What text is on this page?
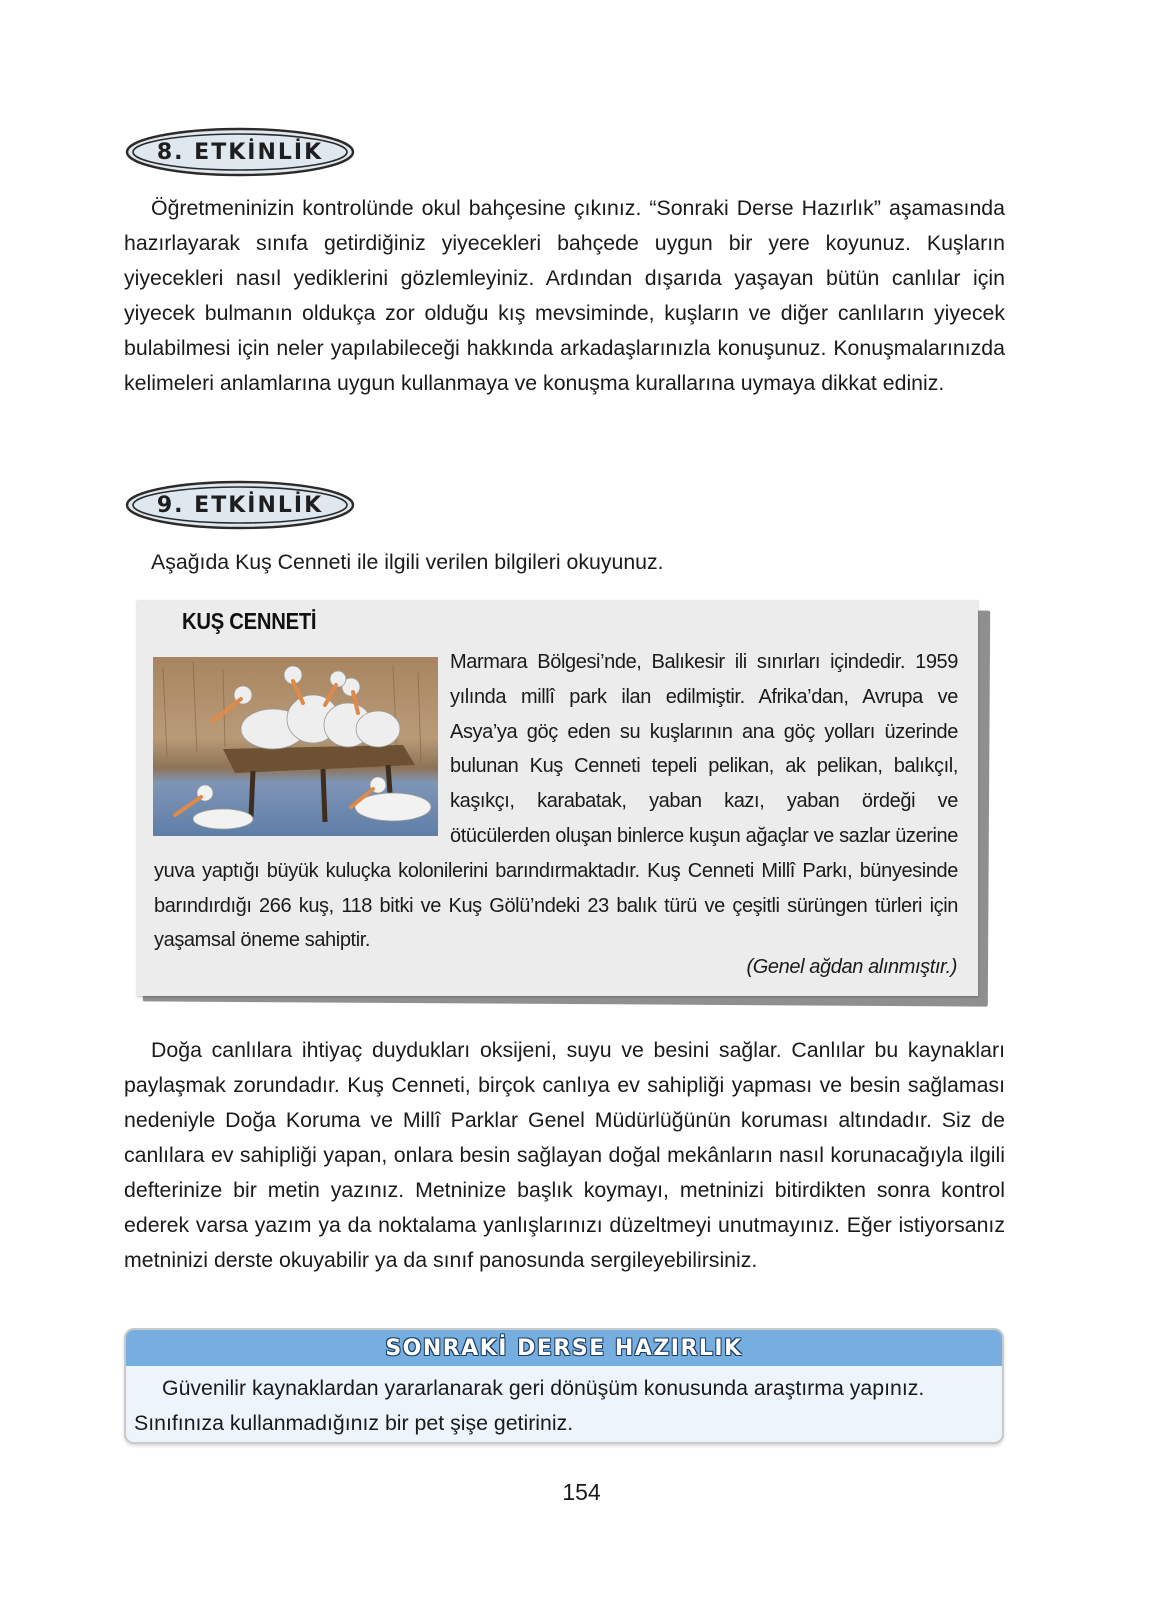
8. ETKİNLİK

Öğretmeninizin kontrolünde okul bahçesine çıkınız. “Sonraki Derse Hazırlık” aşamasında hazırlayarak sınıfa getirdiğiniz yiyecekleri bahçede uygun bir yere koyunuz. Kuşların yiyecekleri nasıl yediklerini gözlemleyiniz. Ardından dışarıda yaşayan bütün canlılar için yiyecek bulmanın oldukça zor olduğu kış mevsiminde, kuşların ve diğer canlıların yiyecek bulabilmesi için neler yapılabileceği hakkında arkadaşlarınızla konuşunuz. Konuşmalarınızda kelimeleri anlamlarına uygun kullanmaya ve konuşma kurallarına uymaya dikkat ediniz.

9. ETKİNLİK

Aşağıda Kuş Cenneti ile ilgili verilen bilgileri okuyunuz.

KUŞ CENNETİ

Marmara Bölgesi’nde, Balıkesir ili sınırları içindedir. 1959 yılında millî park ilan edilmiştir. Afrika’dan, Avrupa ve Asya’ya göç eden su kuşlarının ana göç yolları üzerinde bulunan Kuş Cenneti tepeli pelikan, ak pelikan, balıkçıl, kaşıkçı, karabatak, yaban kazı, yaban ördeği ve ötücülerden oluşan binlerce kuşun ağaçlar ve sazlar üzerine yuva yaptığı büyük kuluçka kolonilerini barındırmaktadır. Kuş Cenneti Millî Parkı, bünyesinde barındırdığı 266 kuş, 118 bitki ve Kuş Gölü’ndeki 23 balık türü ve çeşitli sürüngen türleri için yaşamsal öneme sahiptir.

(Genel ağdan alınmıştır.)

Doğa canlılara ihtiyaç duydukları oksijeni, suyu ve besini sağlar. Canlılar bu kaynakları paylaşmak zorundadır. Kuş Cenneti, birçok canlıya ev sahipliği yapması ve besin sağlaması nedeniyle Doğa Koruma ve Millî Parklar Genel Müdürlüğünün koruması altındadır. Siz de canlılara ev sahipliği yapan, onlara besin sağlayan doğal mekânların nasıl korunacağıyla ilgili defterinize bir metin yazınız. Metninize başlık koymayı, metninizi bitirdikten sonra kontrol ederek varsa yazım ya da noktalama yanlışlarınızı düzeltmeyi unutmayınız. Eğer istiyorsanız metninizi derste okuyabilir ya da sınıf panosunda sergileyebilirsiniz.

SONRAKİ DERSE HAZIRLIK

Güvenilir kaynaklardan yararlanarak geri dönüşüm konusunda araştırma yapınız. Sınıfınıza kullanmadığınız bir pet şişe getiriniz.

154
